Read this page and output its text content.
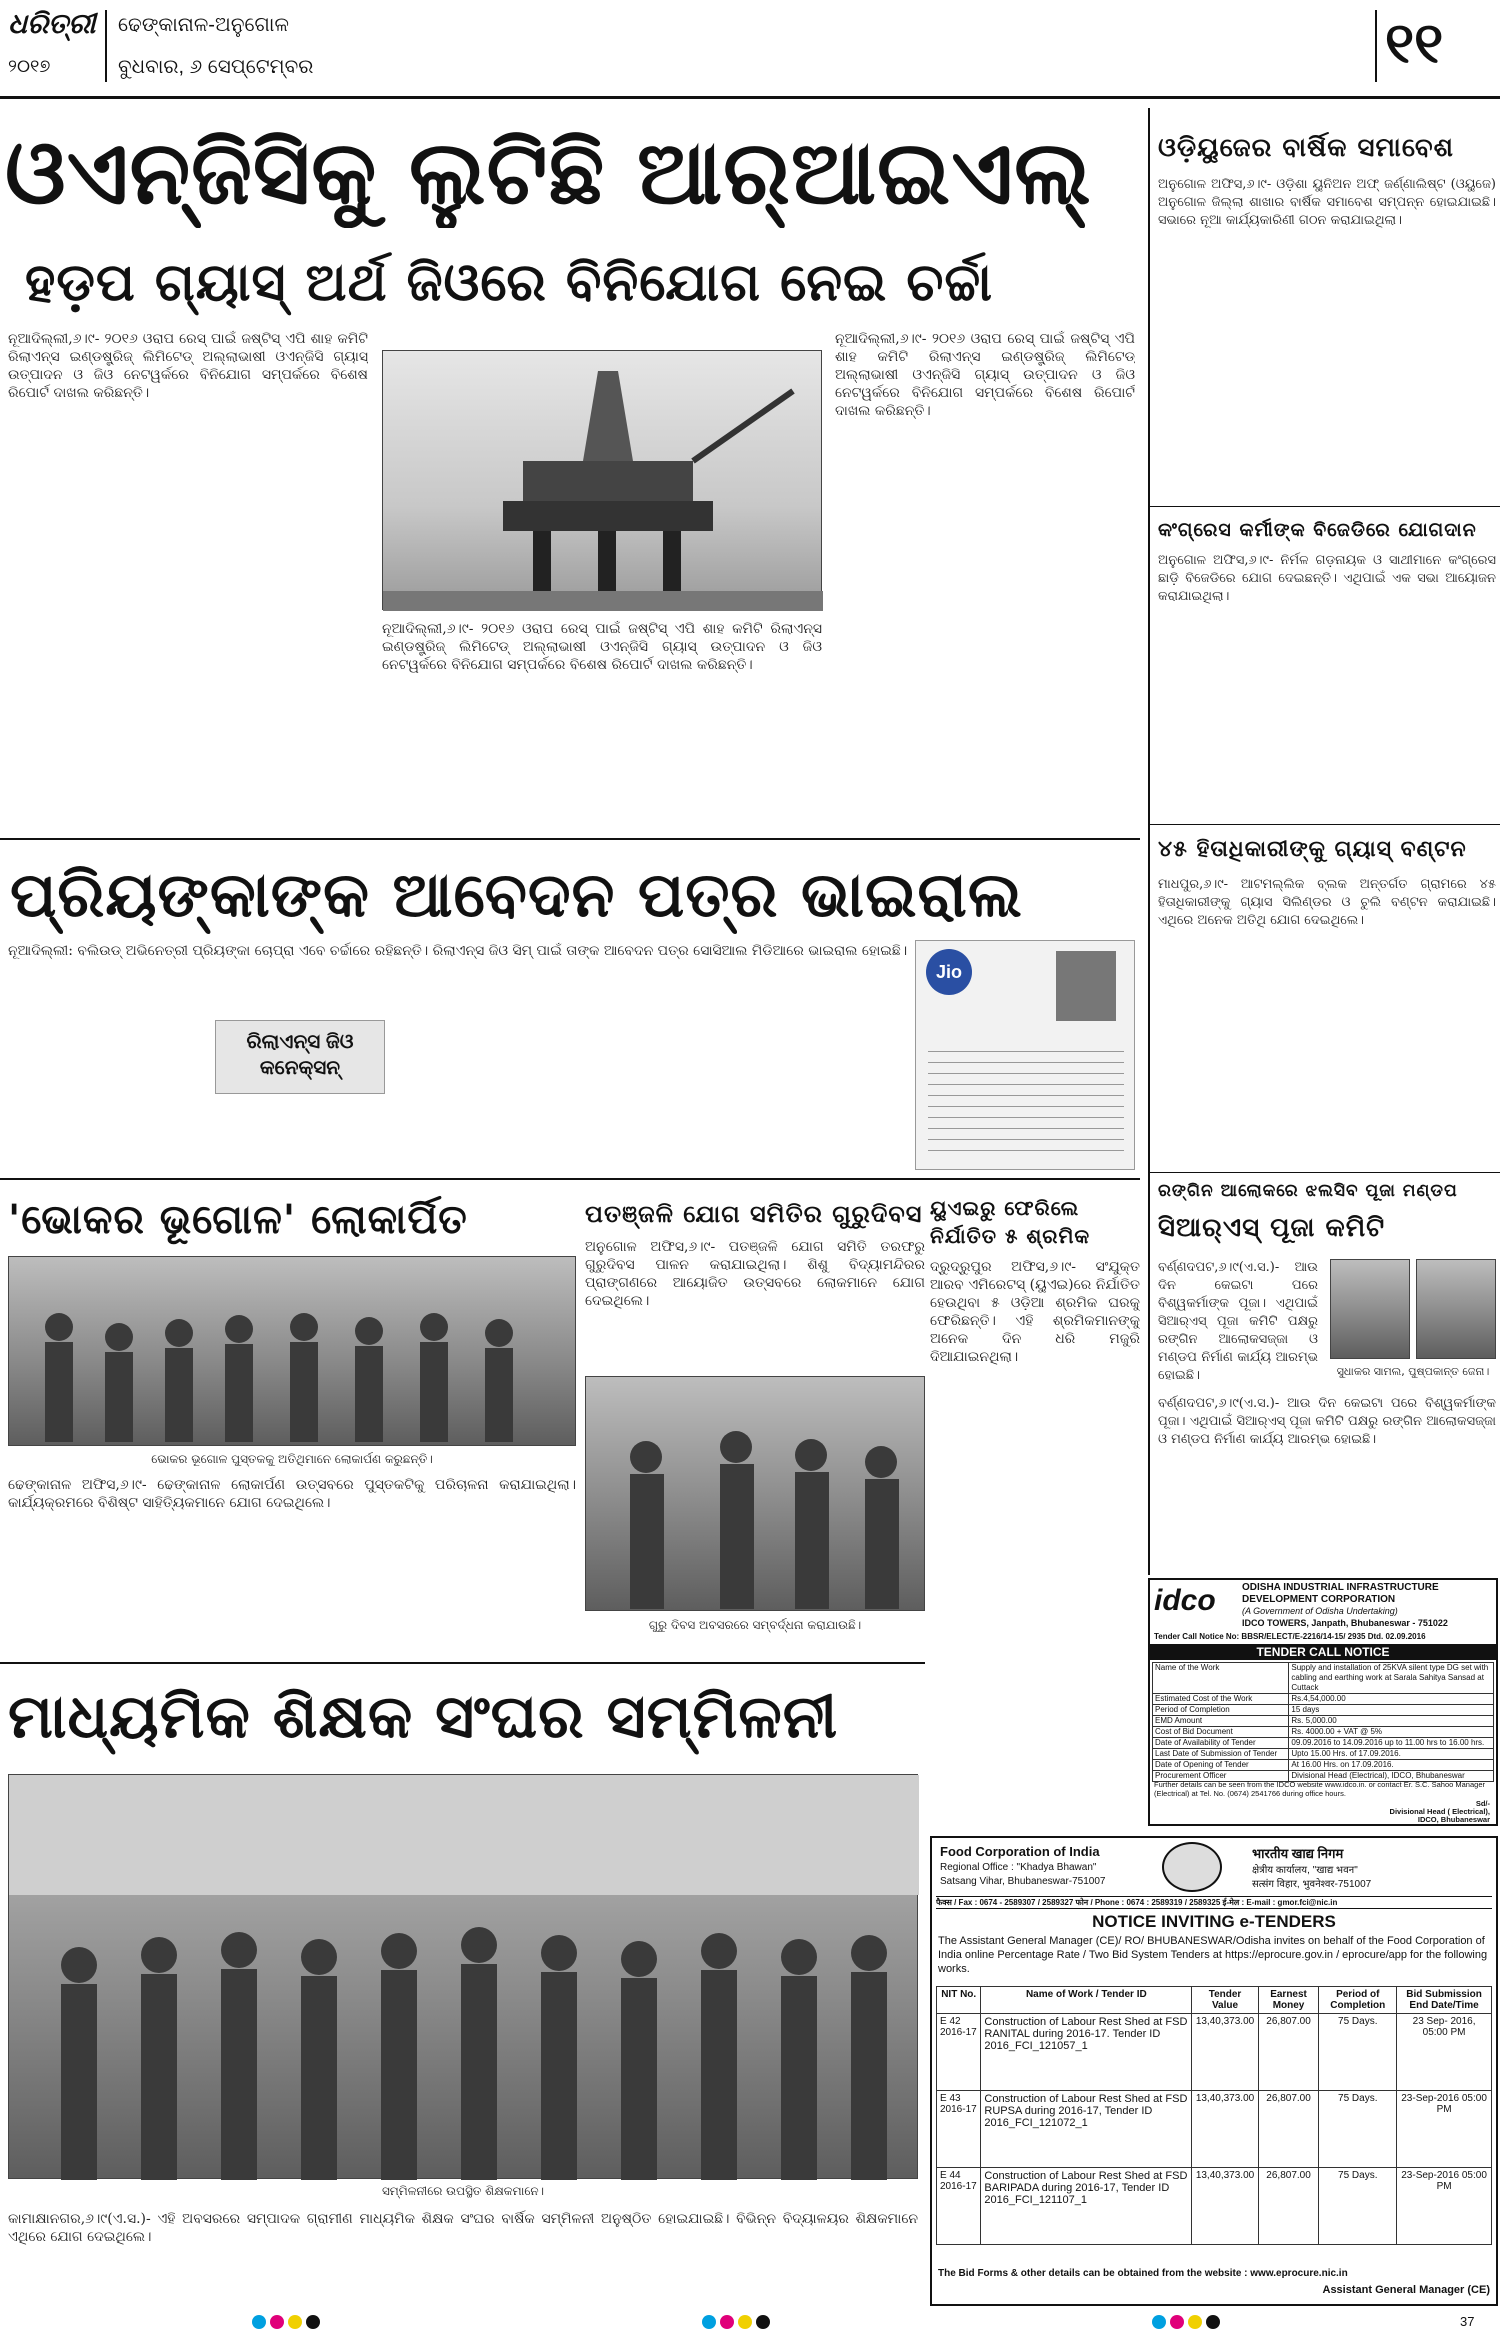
ଧରିତ୍ରୀ
୨୦୧୭
ଢେଙ୍କାନାଳ-ଅନୁଗୋଳ
ବୁଧବାର, ୬ ସେପ୍ଟେମ୍ବର	୧୧
ଓଏନ୍‌ଜିସିକୁ ଲୁଟିଛି ଆର୍‌ଆଇଏଲ୍
ହଡ଼ପ ଗ୍ୟାସ୍ ଅର୍ଥ ଜିଓରେ ବିନିଯୋଗ ନେଇ ଚର୍ଚ୍ଚା
ନୂଆଦିଲ୍ଲୀ,୬।୯- ୨୦୧୬ ଓରାପ ରେସ୍ ପାଇଁ ଜଷ୍ଟିସ୍ ଏପି ଶାହ କମିଟି ରିଲାଏନ୍ସ ଇଣ୍ଡଷ୍ଟ୍ରିଜ୍ ଲିମିଟେଡ୍ ଅଲ୍ଲାଭାଷୀ ଓଏନ୍‌ଜିସି ଗ୍ୟାସ୍ ଉତ୍ପାଦନ ଓ ଜିଓ ନେଟୱର୍କରେ ବିନିଯୋଗ ସମ୍ପର୍କରେ ବିଶେଷ ରିପୋର୍ଟ ଦାଖଲ କରିଛନ୍ତି।
ନୂଆଦିଲ୍ଲୀ,୬।୯- ୨୦୧୬ ଓରାପ ରେସ୍ ପାଇଁ ଜଷ୍ଟିସ୍ ଏପି ଶାହ କମିଟି ରିଲାଏନ୍ସ ଇଣ୍ଡଷ୍ଟ୍ରିଜ୍ ଲିମିଟେଡ୍ ଅଲ୍ଲାଭାଷୀ ଓଏନ୍‌ଜିସି ଗ୍ୟାସ୍ ଉତ୍ପାଦନ ଓ ଜିଓ ନେଟୱର୍କରେ ବିନିଯୋଗ ସମ୍ପର୍କରେ ବିଶେଷ ରିପୋର୍ଟ ଦାଖଲ କରିଛନ୍ତି।
ନୂଆଦିଲ୍ଲୀ,୬।୯- ୨୦୧୬ ଓରାପ ରେସ୍ ପାଇଁ ଜଷ୍ଟିସ୍ ଏପି ଶାହ କମିଟି ରିଲାଏନ୍ସ ଇଣ୍ଡଷ୍ଟ୍ରିଜ୍ ଲିମିଟେଡ୍ ଅଲ୍ଲାଭାଷୀ ଓଏନ୍‌ଜିସି ଗ୍ୟାସ୍ ଉତ୍ପାଦନ ଓ ଜିଓ ନେଟୱର୍କରେ ବିନିଯୋଗ ସମ୍ପର୍କରେ ବିଶେଷ ରିପୋର୍ଟ ଦାଖଲ କରିଛନ୍ତି।
ପ୍ରିୟଙ୍କାଙ୍କ ଆବେଦନ ପତ୍ର ଭାଇରାଲ
ନୂଆଦିଲ୍ଲୀ: ବଲିଉଡ୍ ଅଭିନେତ୍ରୀ ପ୍ରିୟଙ୍କା ଚୋପ୍ରା ଏବେ ଚର୍ଚ୍ଚାରେ ରହିଛନ୍ତି। ରିଲାଏନ୍ସ ଜିଓ ସିମ୍ ପାଇଁ ତାଙ୍କ ଆବେଦନ ପତ୍ର ସୋସିଆଲ ମିଡିଆରେ ଭାଇରାଲ ହୋଇଛି।
ରିଲାଏନ୍ସ ଜିଓ କନେକ୍ସନ୍
Jio
'ଭୋକର ଭୂଗୋଳ' ଲୋକାର୍ପିତ
ଭୋକର ଭୂଗୋଳ ପୁସ୍ତକକୁ ଅତିଥିମାନେ ଲୋକାର୍ପଣ କରୁଛନ୍ତି।
ଢେଙ୍କାନାଳ ଅଫିସ,୬।୯- ଢେଙ୍କାନାଳ ଲୋକାର୍ପଣ ଉତ୍ସବରେ ପୁସ୍ତକଟିକୁ ପରିଚାଳନା କରାଯାଇଥିଲା। କାର୍ଯ୍ୟକ୍ରମରେ ବିଶିଷ୍ଟ ସାହିତ୍ୟିକମାନେ ଯୋଗ ଦେଇଥିଲେ।
ପତଞ୍ଜଳି ଯୋଗ ସମିତିର ଗୁରୁଦିବସ
ଅନୁଗୋଳ ଅଫିସ,୬।୯- ପତଞ୍ଜଳି ଯୋଗ ସମିତି ତରଫରୁ ଗୁରୁଦିବସ ପାଳନ କରାଯାଇଥିଲା। ଶିଶୁ ବିଦ୍ୟାମନ୍ଦିରର ପ୍ରାଙ୍ଗଣରେ ଆୟୋଜିତ ଉତ୍ସବରେ ଲୋକମାନେ ଯୋଗ ଦେଇଥିଲେ।
ଗୁରୁ ଦିବସ ଅବସରରେ ସମ୍ବର୍ଦ୍ଧନା କରାଯାଉଛି।
ୟୁଏଇରୁ ଫେରିଲେ ନିର୍ଯାତିତ ୫ ଶ୍ରମିକ
ଦ୍ରୁଦ୍ରୁପୁର ଅଫିସ,୬।୯- ସଂଯୁକ୍ତ ଆରବ ଏମିରେଟସ୍ (ୟୁଏଇ)ରେ ନିର୍ଯାତିତ ହେଉଥିବା ୫ ଓଡ଼ିଆ ଶ୍ରମିକ ଘରକୁ ଫେରିଛନ୍ତି। ଏହି ଶ୍ରମିକମାନଙ୍କୁ ଅନେକ ଦିନ ଧରି ମଜୁରି ଦିଆଯାଇନଥିଲା।
ମାଧ୍ୟମିକ ଶିକ୍ଷକ ସଂଘର ସମ୍ମିଳନୀ
ସମ୍ମିଳନୀରେ ଉପସ୍ଥିତ ଶିକ୍ଷକମାନେ।
କାମାକ୍ଷାନଗର,୬।୯(ଏ.ସ.)- ଏହି ଅବସରରେ ସମ୍ପାଦକ ଗ୍ରାମୀଣ ମାଧ୍ୟମିକ ଶିକ୍ଷକ ସଂଘର ବାର୍ଷିକ ସମ୍ମିଳନୀ ଅନୁଷ୍ଠିତ ହୋଇଯାଇଛି। ବିଭିନ୍ନ ବିଦ୍ୟାଳୟର ଶିକ୍ଷକମାନେ ଏଥିରେ ଯୋଗ ଦେଇଥିଲେ।
ଓଡ଼ିୟୁଜେର ବାର୍ଷିକ ସମାବେଶ
ଅନୁଗୋଳ ଅଫିସ,୬।୯- ଓଡ଼ିଶା ୟୁନିଅନ ଅଫ୍ ଜର୍ଣ୍ଣାଲିଷ୍ଟ (ଓୟୁଜେ) ଅନୁଗୋଳ ଜିଲ୍ଲା ଶାଖାର ବାର୍ଷିକ ସମାବେଶ ସମ୍ପନ୍ନ ହୋଇଯାଇଛି। ସଭାରେ ନୂଆ କାର୍ଯ୍ୟକାରିଣୀ ଗଠନ କରାଯାଇଥିଲା।
କଂଗ୍ରେସ କର୍ମୀଙ୍କ ବିଜେଡିରେ ଯୋଗଦାନ
ଅନୁଗୋଳ ଅଫିସ,୬।୯- ନିର୍ମଳ ଗଡ଼ନାୟକ ଓ ସାଥୀମାନେ କଂଗ୍ରେସ ଛାଡ଼ି ବିଜେଡିରେ ଯୋଗ ଦେଇଛନ୍ତି। ଏଥିପାଇଁ ଏକ ସଭା ଆୟୋଜନ କରାଯାଇଥିଲା।
୪୫ ହିତାଧିକାରୀଙ୍କୁ ଗ୍ୟାସ୍ ବଣ୍ଟନ
ମାଧପୁର,୬।୯- ଆଟମଲ୍ଲିକ ବ୍ଲକ ଅନ୍ତର୍ଗତ ଗ୍ରାମରେ ୪୫ ହିତାଧିକାରୀଙ୍କୁ ଗ୍ୟାସ ସିଲିଣ୍ଡର ଓ ଚୁଲି ବଣ୍ଟନ କରାଯାଇଛି। ଏଥିରେ ଅନେକ ଅତିଥି ଯୋଗ ଦେଇଥିଲେ।
ରଙ୍ଗିନ ଆଲୋକରେ ଝଲସିବ ପୂଜା ମଣ୍ଡପ
ସିଆର୍‌ଏସ୍ ପୂଜା କମିଟି
ବର୍ଣ୍ଣଦପଟ,୬।୯(ଏ.ସ.)- ଆଉ ଦିନ କେଇଟା ପରେ ବିଶ୍ୱକର୍ମାଙ୍କ ପୂଜା। ଏଥିପାଇଁ ସିଆର୍‌ଏସ୍ ପୂଜା କମିଟି ପକ୍ଷରୁ ରଙ୍ଗିନ ଆଲୋକସଜ୍ଜା ଓ ମଣ୍ଡପ ନିର୍ମାଣ କାର୍ଯ୍ୟ ଆରମ୍ଭ ହୋଇଛି।	ସୁଧାକର ସାମଲ, ପୁଷ୍ପକାନ୍ତ ଜେନା।
ବର୍ଣ୍ଣଦପଟ,୬।୯(ଏ.ସ.)- ଆଉ ଦିନ କେଇଟା ପରେ ବିଶ୍ୱକର୍ମାଙ୍କ ପୂଜା। ଏଥିପାଇଁ ସିଆର୍‌ଏସ୍ ପୂଜା କମିଟି ପକ୍ଷରୁ ରଙ୍ଗିନ ଆଲୋକସଜ୍ଜା ଓ ମଣ୍ଡପ ନିର୍ମାଣ କାର୍ଯ୍ୟ ଆରମ୍ଭ ହୋଇଛି।
idco	ODISHA INDUSTRIAL INFRASTRUCTURE DEVELOPMENT CORPORATION
(A Government of Odisha Undertaking)
IDCO TOWERS, Janpath, Bhubaneswar - 751022
Tender Call Notice No: BBSR/ELECT/E-2216/14-15/ 2935 Dtd. 02.09.2016
TENDER CALL NOTICE
Name of the Work	Supply and installation of 25KVA silent type DG set with cabling and earthing work at Sarala Sahitya Sansad at Cuttack
Estimated Cost of the Work	Rs.4,54,000.00
Period of Completion	15 days
EMD Amount	Rs. 5,000.00
Cost of Bid Document	Rs. 4000.00 + VAT @ 5%
Date of Availability of Tender	09.09.2016 to 14.09.2016 up to 11.00 hrs to 16.00 hrs.
Last Date of Submission of Tender	Upto 15.00 Hrs. of 17.09.2016.
Date of Opening of Tender	At 16.00 Hrs. on 17.09.2016.
Procurement Officer	Divisional Head (Electrical), IDCO, Bhubaneswar
Further details can be seen from the IDCO website www.idco.in. or contact Er. S.C. Sahoo Manager (Electrical) at Tel. No. (0674) 2541766 during office hours.
Sd/-
Divisional Head ( Electrical),
IDCO, Bhubaneswar
Food Corporation of India
Regional Office : "Khadya Bhawan"
Satsang Vihar, Bhubaneswar-751007
भारतीय खाद्य निगम
क्षेत्रीय कार्यालय, "खाद्य भवन"
सत्संग विहार, भुवनेश्वर-751007
फैक्स / Fax : 0674 - 2589307 / 2589327 फोन / Phone : 0674 : 2589319 / 2589325 ई-मेल : E-mail : gmor.fci@nic.in
NOTICE INVITING e-TENDERS
The Assistant General Manager (CE)/ RO/ BHUBANESWAR/Odisha invites on behalf of the Food Corporation of India online Percentage Rate / Two Bid System Tenders at https://eprocure.gov.in / eprocure/app for the following works.
NIT No.	Name of Work / Tender ID	Tender Value	Earnest Money	Period of Completion	Bid Submission End Date/Time
E 42 2016-17	Construction of Labour Rest Shed at FSD RANITAL during 2016-17. Tender ID 2016_FCI_121057_1	13,40,373.00	26,807.00	75 Days.	23 Sep- 2016, 05:00 PM
E 43 2016-17	Construction of Labour Rest Shed at FSD RUPSA during 2016-17, Tender ID 2016_FCI_121072_1	13,40,373.00	26,807.00	75 Days.	23-Sep-2016 05:00 PM
E 44 2016-17	Construction of Labour Rest Shed at FSD BARIPADA during 2016-17, Tender ID 2016_FCI_121107_1	13,40,373.00	26,807.00	75 Days.	23-Sep-2016 05:00 PM
The Bid Forms & other details can be obtained from the website : www.eprocure.nic.in
Assistant General Manager (CE)
37
